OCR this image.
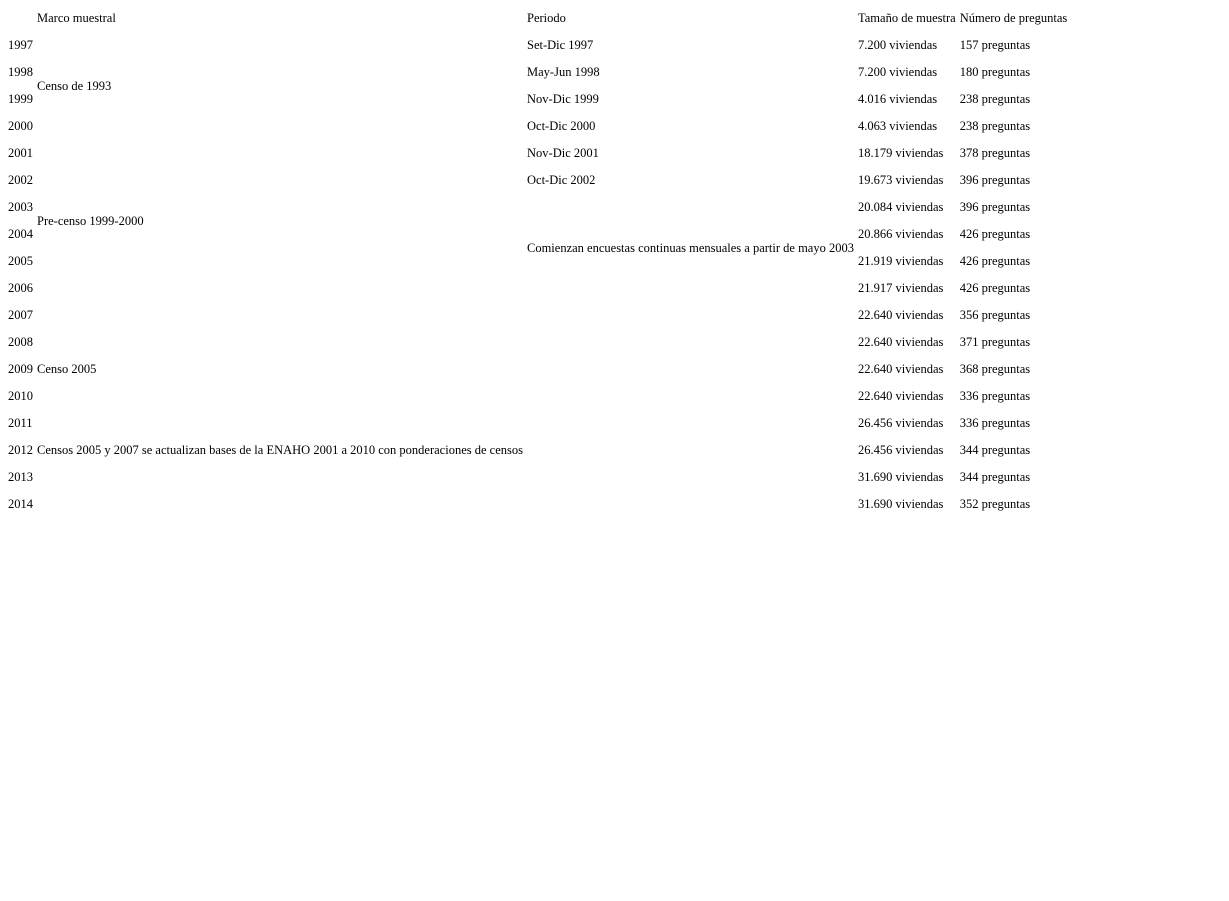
	Marco muestral	Periodo	Tamaño de muestra	Número de preguntas
1997	Censo de 1993	Set-Dic 1997	7.200 viviendas	157 preguntas
1998		May-Jun 1998	7.200 viviendas	180 preguntas
1999		Nov-Dic 1999	4.016 viviendas	238 preguntas
2000		Oct-Dic 2000	4.063 viviendas	238 preguntas
2001	Pre-censo 1999-2000	Nov-Dic 2001	18.179 viviendas	378 preguntas
2002		Oct-Dic 2002	19.673 viviendas	396 preguntas
2003		Comienzan encuestas continuas mensuales a partir de mayo 2003	20.084 viviendas	396 preguntas
2004			20.866 viviendas	426 preguntas
2005			21.919 viviendas	426 preguntas
2006			21.917 viviendas	426 preguntas
2007	Censo 2005		22.640 viviendas	356 preguntas
2008			22.640 viviendas	371 preguntas
2009			22.640 viviendas	368 preguntas
2010			22.640 viviendas	336 preguntas
2011			26.456 viviendas	336 preguntas
2012	Censos 2005 y 2007 se actualizan bases de la ENAHO 2001 a 2010 con ponderaciones de censos		26.456 viviendas	344 preguntas
2013			31.690 viviendas	344 preguntas
2014			31.690 viviendas	352 preguntas
